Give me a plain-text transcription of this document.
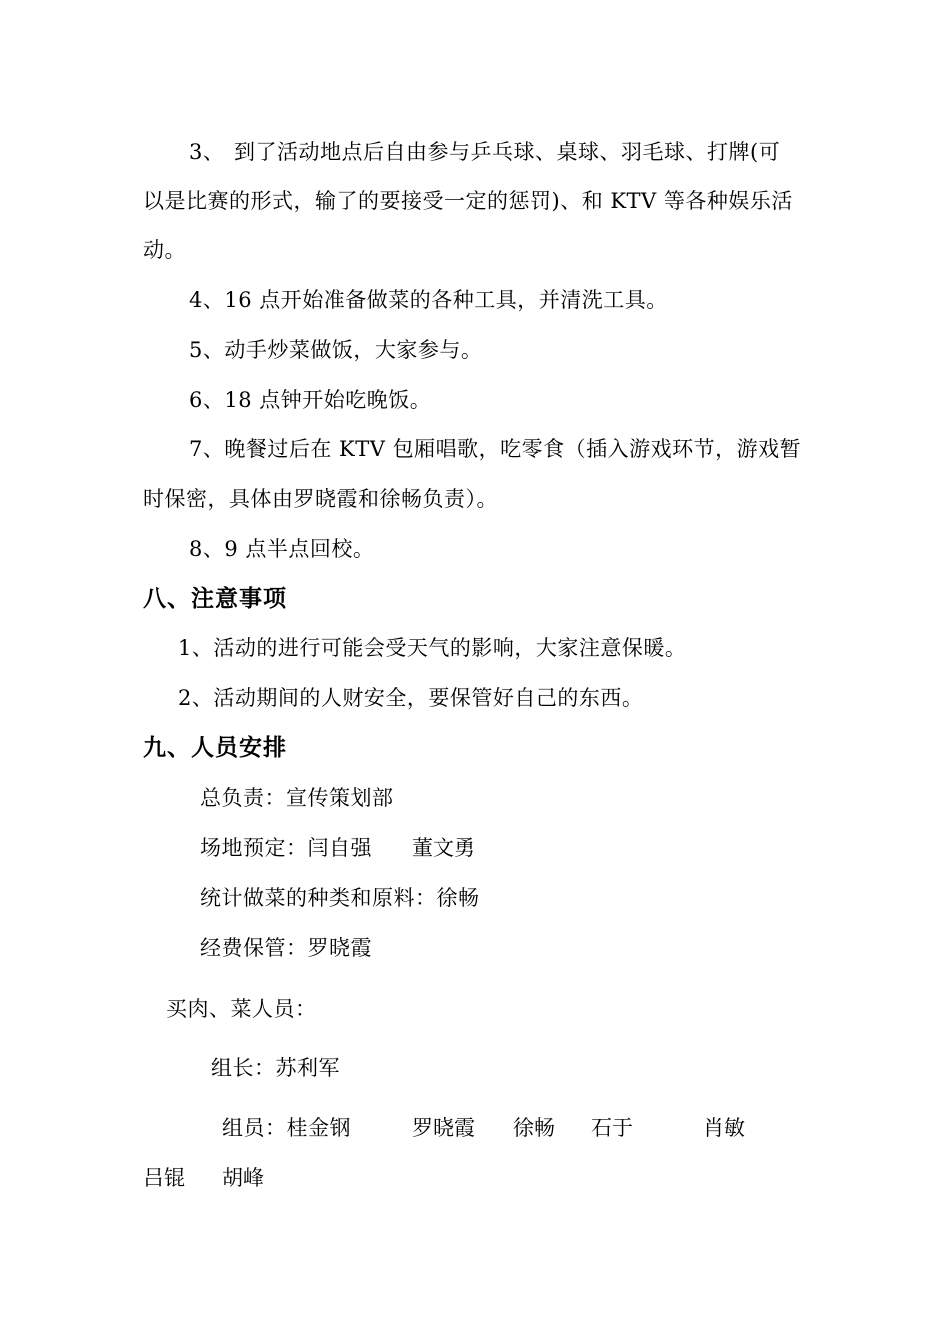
3、 到了活动地点后自由参与乒乓球、桌球、羽毛球、打牌(可
以是比赛的形式，输了的要接受一定的惩罚)、和 KTV 等各种娱乐活
动。
4、16 点开始准备做菜的各种工具，并清洗工具。
5、动手炒菜做饭，大家参与。
6、18 点钟开始吃晚饭。
7、晚餐过后在 KTV 包厢唱歌，吃零食（插入游戏环节，游戏暂
时保密，具体由罗晓霞和徐畅负责）。
8、9 点半点回校。
八、注意事项
1、活动的进行可能会受天气的影响，大家注意保暖。
2、活动期间的人财安全，要保管好自己的东西。
九、人员安排
总负责：宣传策划部
场地预定：闫自强 董文勇
统计做菜的种类和原料：徐畅
经费保管：罗晓霞
买肉、菜人员：
组长：苏利军
组员：桂金钢	罗晓霞 徐畅 石于	肖敏
吕锟 胡峰
